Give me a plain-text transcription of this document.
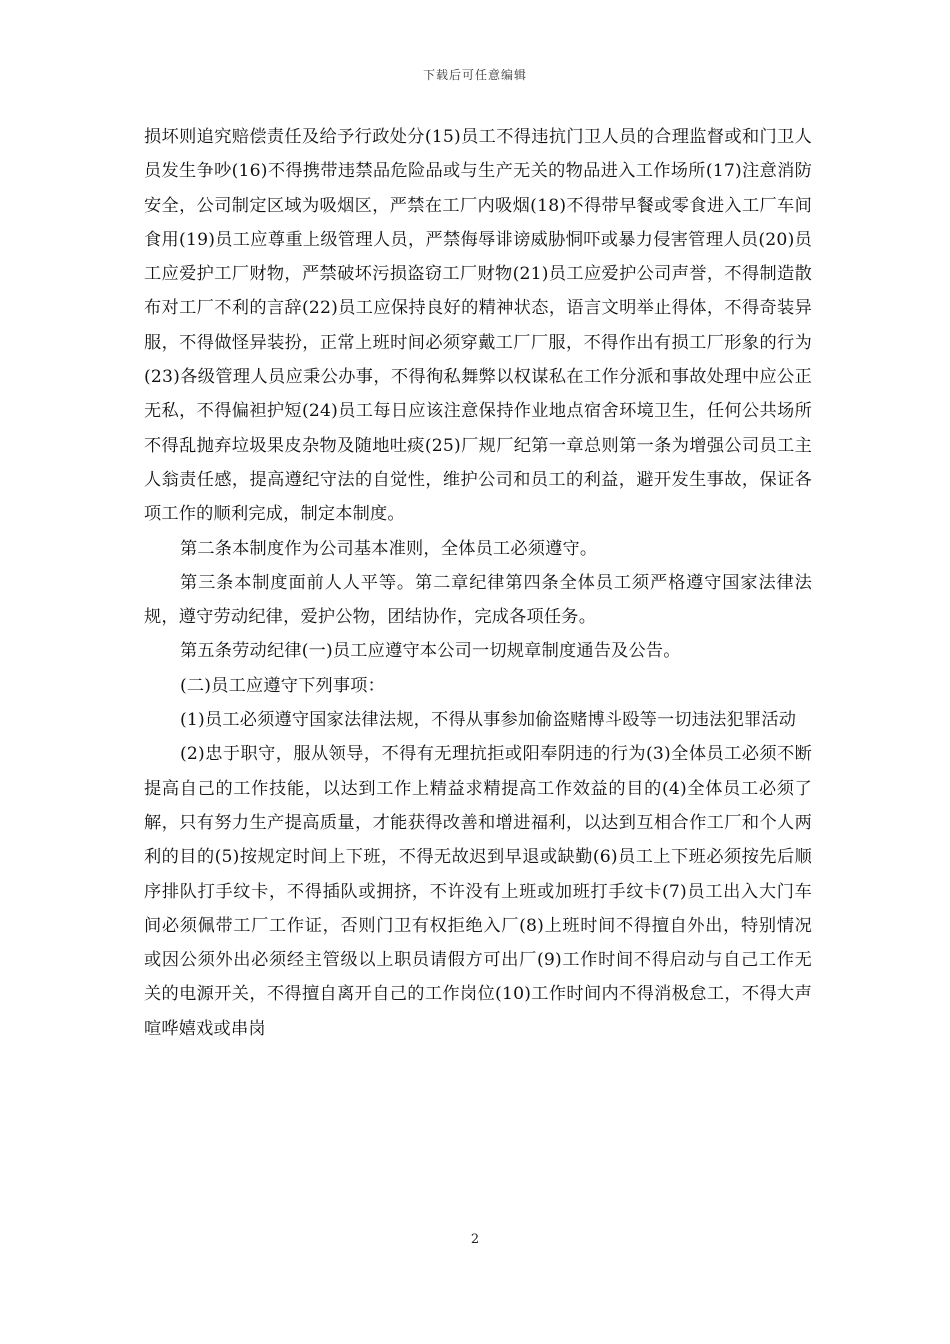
下载后可任意编辑

损坏则追究赔偿责任及给予行政处分(15)员工不得违抗门卫人员的合理监督或和门卫人员发生争吵(16)不得携带违禁品危险品或与生产无关的物品进入工作场所(17)注意消防安全，公司制定区域为吸烟区，严禁在工厂内吸烟(18)不得带早餐或零食进入工厂车间食用(19)员工应尊重上级管理人员，严禁侮辱诽谤威胁恫吓或暴力侵害管理人员(20)员工应爱护工厂财物，严禁破坏污损盗窃工厂财物(21)员工应爱护公司声誉，不得制造散布对工厂不利的言辞(22)员工应保持良好的精神状态，语言文明举止得体，不得奇装异服，不得做怪异装扮，正常上班时间必须穿戴工厂厂服，不得作出有损工厂形象的行为(23)各级管理人员应秉公办事，不得徇私舞弊以权谋私在工作分派和事故处理中应公正无私，不得偏袒护短(24)员工每日应该注意保持作业地点宿舍环境卫生，任何公共场所不得乱抛弃垃圾果皮杂物及随地吐痰(25)厂规厂纪第一章总则第一条为增强公司员工主人翁责任感，提高遵纪守法的自觉性，维护公司和员工的利益，避开发生事故，保证各项工作的顺利完成，制定本制度。

第二条本制度作为公司基本准则，全体员工必须遵守。

第三条本制度面前人人平等。第二章纪律第四条全体员工须严格遵守国家法律法规，遵守劳动纪律，爱护公物，团结协作，完成各项任务。

第五条劳动纪律(一)员工应遵守本公司一切规章制度通告及公告。

(二)员工应遵守下列事项：

(1)员工必须遵守国家法律法规，不得从事参加偷盗赌博斗殴等一切违法犯罪活动

(2)忠于职守，服从领导，不得有无理抗拒或阳奉阴违的行为(3)全体员工必须不断提高自己的工作技能，以达到工作上精益求精提高工作效益的目的(4)全体员工必须了解，只有努力生产提高质量，才能获得改善和增进福利，以达到互相合作工厂和个人两利的目的(5)按规定时间上下班，不得无故迟到早退或缺勤(6)员工上下班必须按先后顺序排队打手纹卡，不得插队或拥挤，不许没有上班或加班打手纹卡(7)员工出入大门车间必须佩带工厂工作证，否则门卫有权拒绝入厂(8)上班时间不得擅自外出，特别情况或因公须外出必须经主管级以上职员请假方可出厂(9)工作时间不得启动与自己工作无关的电源开关，不得擅自离开自己的工作岗位(10)工作时间内不得消极怠工，不得大声喧哗嬉戏或串岗

2
